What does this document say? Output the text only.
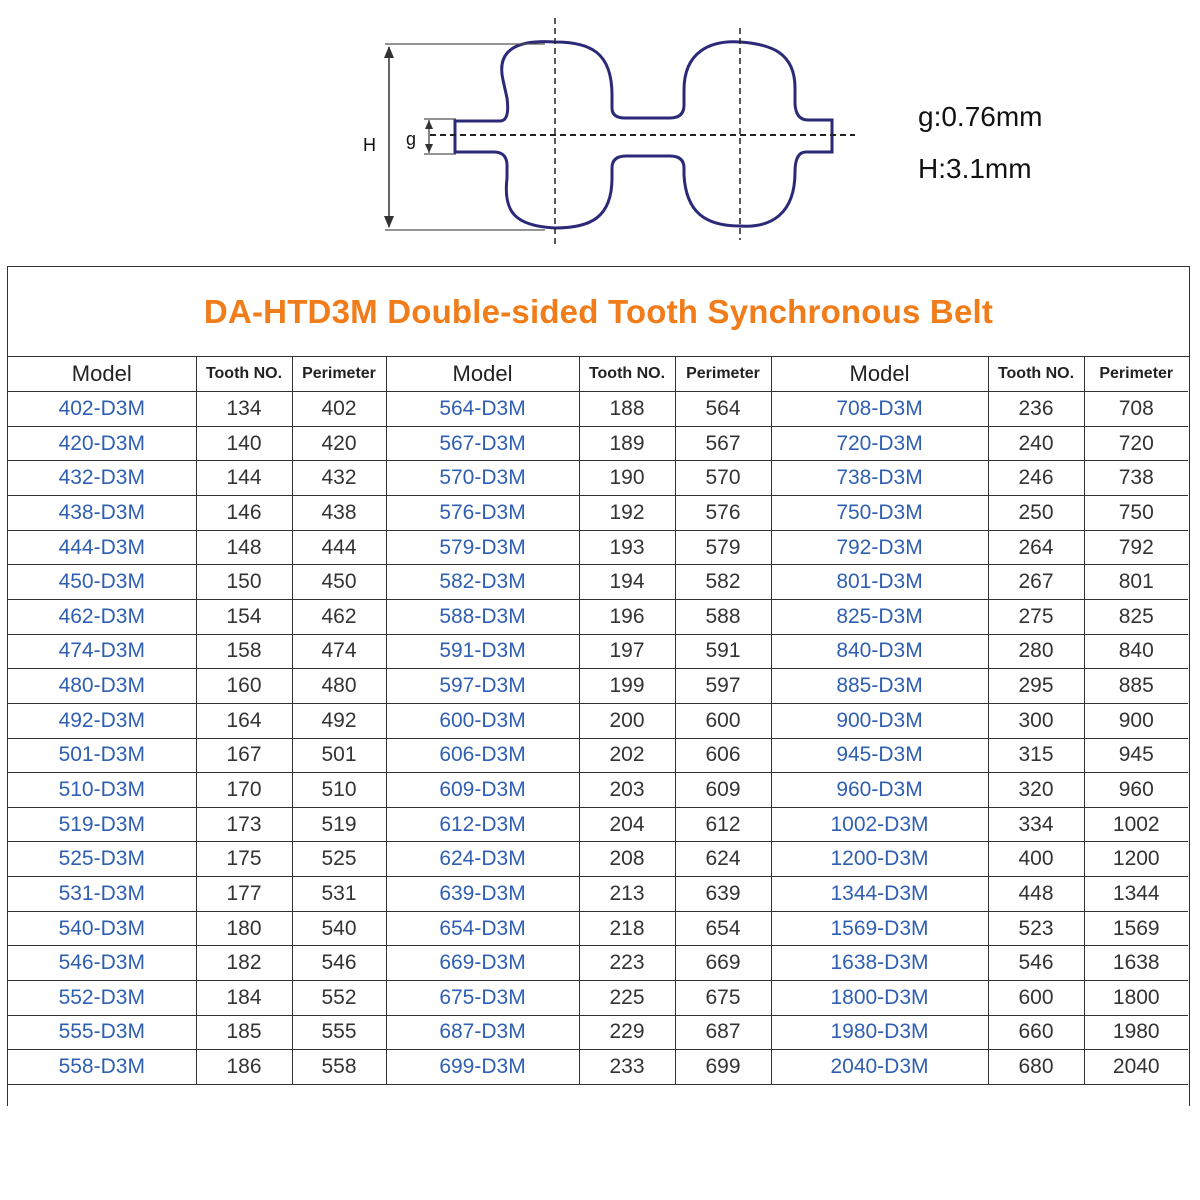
H g
g:0.76mm
H:3.1mm
DA-HTD3M Double-sided Tooth Synchronous Belt
Model	Tooth NO.	Perimeter	Model	Tooth NO.	Perimeter	Model	Tooth NO.	Perimeter
402-D3M	134	402	564-D3M	188	564	708-D3M	236	708
420-D3M	140	420	567-D3M	189	567	720-D3M	240	720
432-D3M	144	432	570-D3M	190	570	738-D3M	246	738
438-D3M	146	438	576-D3M	192	576	750-D3M	250	750
444-D3M	148	444	579-D3M	193	579	792-D3M	264	792
450-D3M	150	450	582-D3M	194	582	801-D3M	267	801
462-D3M	154	462	588-D3M	196	588	825-D3M	275	825
474-D3M	158	474	591-D3M	197	591	840-D3M	280	840
480-D3M	160	480	597-D3M	199	597	885-D3M	295	885
492-D3M	164	492	600-D3M	200	600	900-D3M	300	900
501-D3M	167	501	606-D3M	202	606	945-D3M	315	945
510-D3M	170	510	609-D3M	203	609	960-D3M	320	960
519-D3M	173	519	612-D3M	204	612	1002-D3M	334	1002
525-D3M	175	525	624-D3M	208	624	1200-D3M	400	1200
531-D3M	177	531	639-D3M	213	639	1344-D3M	448	1344
540-D3M	180	540	654-D3M	218	654	1569-D3M	523	1569
546-D3M	182	546	669-D3M	223	669	1638-D3M	546	1638
552-D3M	184	552	675-D3M	225	675	1800-D3M	600	1800
555-D3M	185	555	687-D3M	229	687	1980-D3M	660	1980
558-D3M	186	558	699-D3M	233	699	2040-D3M	680	2040
